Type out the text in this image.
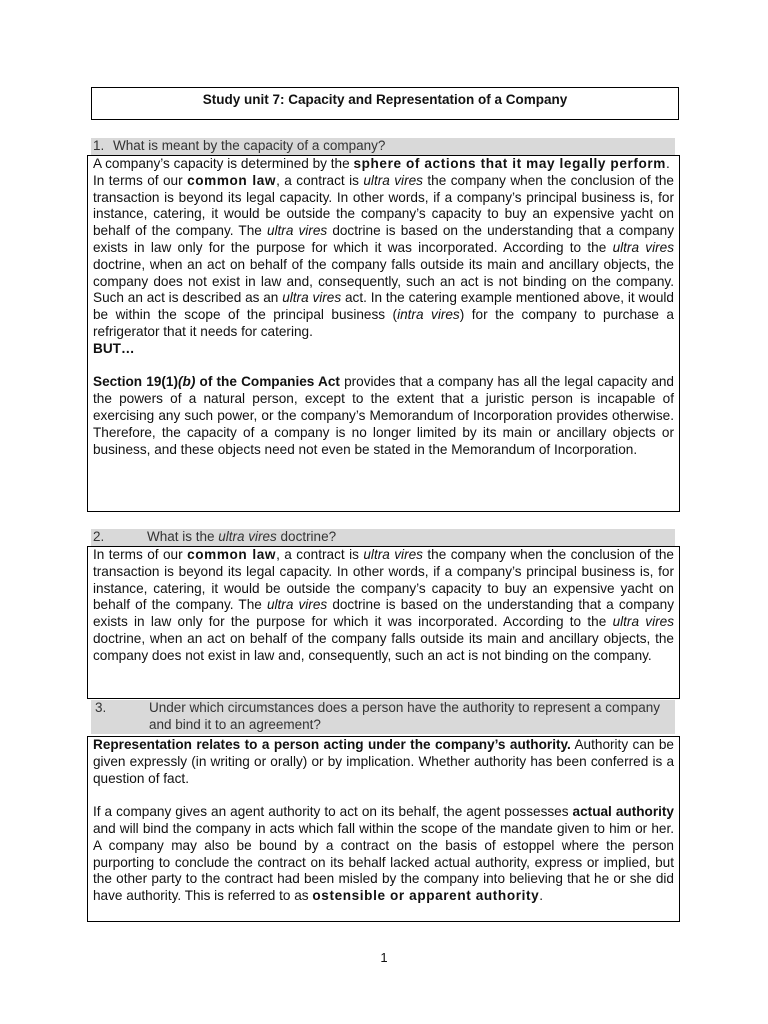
Study unit 7: Capacity and Representation of a Company
1. What is meant by the capacity of a company?

A company’s capacity is determined by the sphere of actions that it may legally perform.

In terms of our common law, a contract is ultra vires the company when the conclusion of the transaction is beyond its legal capacity. In other words, if a company’s principal business is, for instance, catering, it would be outside the company’s capacity to buy an expensive yacht on behalf of the company. The ultra vires doctrine is based on the understanding that a company exists in law only for the purpose for which it was incorporated. According to the ultra vires doctrine, when an act on behalf of the company falls outside its main and ancillary objects, the company does not exist in law and, consequently, such an act is not binding on the company. Such an act is described as an ultra vires act. In the catering example mentioned above, it would be within the scope of the principal business (intra vires) for the company to purchase a refrigerator that it needs for catering.

BUT…

Section 19(1)(b) of the Companies Act provides that a company has all the legal capacity and the powers of a natural person, except to the extent that a juristic person is incapable of exercising any such power, or the company’s Memorandum of Incorporation provides otherwise. Therefore, the capacity of a company is no longer limited by its main or ancillary objects or business, and these objects need not even be stated in the Memorandum of Incorporation.

2.	What is the ultra vires doctrine?

In terms of our common law, a contract is ultra vires the company when the conclusion of the transaction is beyond its legal capacity. In other words, if a company’s principal business is, for instance, catering, it would be outside the company’s capacity to buy an expensive yacht on behalf of the company. The ultra vires doctrine is based on the understanding that a company exists in law only for the purpose for which it was incorporated. According to the ultra vires doctrine, when an act on behalf of the company falls outside its main and ancillary objects, the company does not exist in law and, consequently, such an act is not binding on the company.

3.	Under which circumstances does a person have the authority to represent a company and bind it to an agreement?

Representation relates to a person acting under the company’s authority. Authority can be given expressly (in writing or orally) or by implication. Whether authority has been conferred is a question of fact.

If a company gives an agent authority to act on its behalf, the agent possesses actual authority and will bind the company in acts which fall within the scope of the mandate given to him or her. A company may also be bound by a contract on the basis of estoppel where the person purporting to conclude the contract on its behalf lacked actual authority, express or implied, but the other party to the contract had been misled by the company into believing that he or she did have authority. This is referred to as ostensible or apparent authority.

1
